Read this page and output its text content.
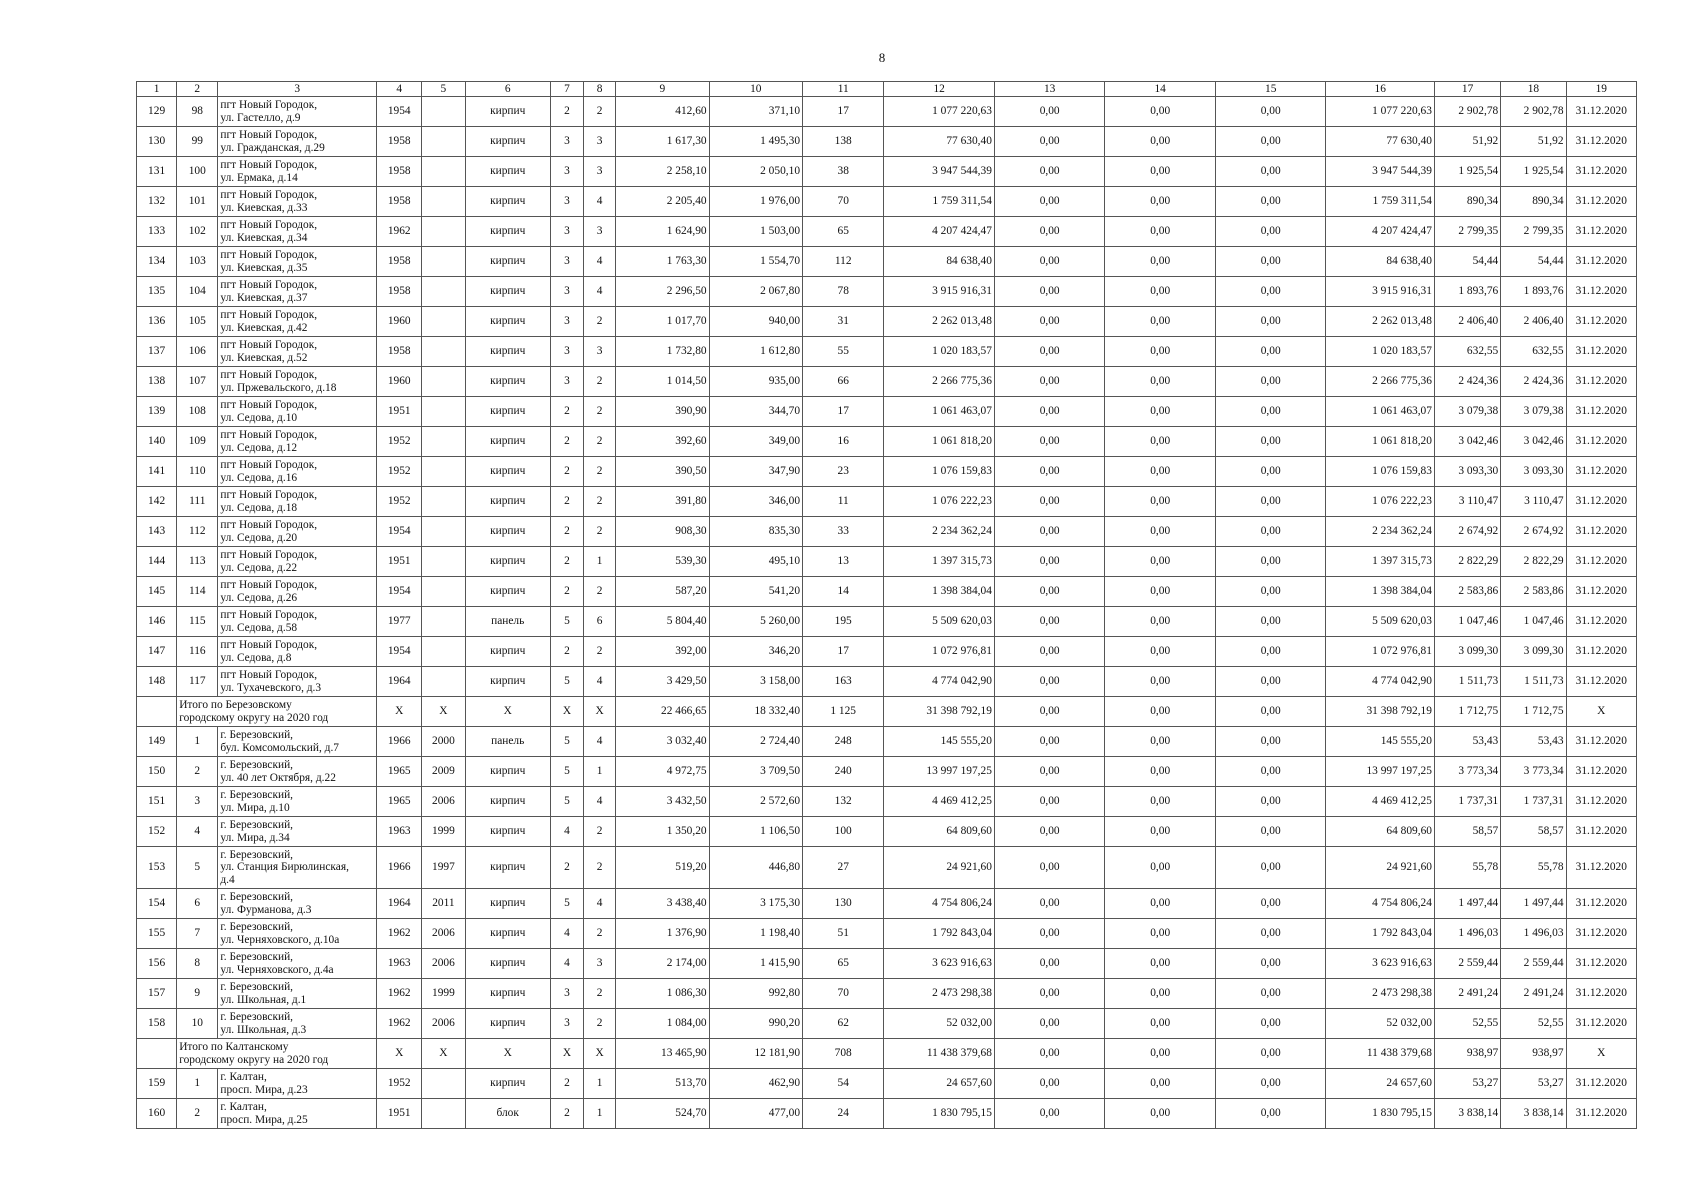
8
1	2	3	4	5	6	7	8	9	10	11	12	13	14	15	16	17	18	19
129	98	пгт Новый Городок,
ул. Гастелло, д.9	1954		кирпич	2	2	412,60	371,10	17	1 077 220,63	0,00	0,00	0,00	1 077 220,63	2 902,78	2 902,78	31.12.2020
130	99	пгт Новый Городок,
ул. Гражданская, д.29	1958		кирпич	3	3	1 617,30	1 495,30	138	77 630,40	0,00	0,00	0,00	77 630,40	51,92	51,92	31.12.2020
131	100	пгт Новый Городок,
ул. Ермака, д.14	1958		кирпич	3	3	2 258,10	2 050,10	38	3 947 544,39	0,00	0,00	0,00	3 947 544,39	1 925,54	1 925,54	31.12.2020
132	101	пгт Новый Городок,
ул. Киевская, д.33	1958		кирпич	3	4	2 205,40	1 976,00	70	1 759 311,54	0,00	0,00	0,00	1 759 311,54	890,34	890,34	31.12.2020
133	102	пгт Новый Городок,
ул. Киевская, д.34	1962		кирпич	3	3	1 624,90	1 503,00	65	4 207 424,47	0,00	0,00	0,00	4 207 424,47	2 799,35	2 799,35	31.12.2020
134	103	пгт Новый Городок,
ул. Киевская, д.35	1958		кирпич	3	4	1 763,30	1 554,70	112	84 638,40	0,00	0,00	0,00	84 638,40	54,44	54,44	31.12.2020
135	104	пгт Новый Городок,
ул. Киевская, д.37	1958		кирпич	3	4	2 296,50	2 067,80	78	3 915 916,31	0,00	0,00	0,00	3 915 916,31	1 893,76	1 893,76	31.12.2020
136	105	пгт Новый Городок,
ул. Киевская, д.42	1960		кирпич	3	2	1 017,70	940,00	31	2 262 013,48	0,00	0,00	0,00	2 262 013,48	2 406,40	2 406,40	31.12.2020
137	106	пгт Новый Городок,
ул. Киевская, д.52	1958		кирпич	3	3	1 732,80	1 612,80	55	1 020 183,57	0,00	0,00	0,00	1 020 183,57	632,55	632,55	31.12.2020
138	107	пгт Новый Городок,
ул. Пржевальского, д.18	1960		кирпич	3	2	1 014,50	935,00	66	2 266 775,36	0,00	0,00	0,00	2 266 775,36	2 424,36	2 424,36	31.12.2020
139	108	пгт Новый Городок,
ул. Седова, д.10	1951		кирпич	2	2	390,90	344,70	17	1 061 463,07	0,00	0,00	0,00	1 061 463,07	3 079,38	3 079,38	31.12.2020
140	109	пгт Новый Городок,
ул. Седова, д.12	1952		кирпич	2	2	392,60	349,00	16	1 061 818,20	0,00	0,00	0,00	1 061 818,20	3 042,46	3 042,46	31.12.2020
141	110	пгт Новый Городок,
ул. Седова, д.16	1952		кирпич	2	2	390,50	347,90	23	1 076 159,83	0,00	0,00	0,00	1 076 159,83	3 093,30	3 093,30	31.12.2020
142	111	пгт Новый Городок,
ул. Седова, д.18	1952		кирпич	2	2	391,80	346,00	11	1 076 222,23	0,00	0,00	0,00	1 076 222,23	3 110,47	3 110,47	31.12.2020
143	112	пгт Новый Городок,
ул. Седова, д.20	1954		кирпич	2	2	908,30	835,30	33	2 234 362,24	0,00	0,00	0,00	2 234 362,24	2 674,92	2 674,92	31.12.2020
144	113	пгт Новый Городок,
ул. Седова, д.22	1951		кирпич	2	1	539,30	495,10	13	1 397 315,73	0,00	0,00	0,00	1 397 315,73	2 822,29	2 822,29	31.12.2020
145	114	пгт Новый Городок,
ул. Седова, д.26	1954		кирпич	2	2	587,20	541,20	14	1 398 384,04	0,00	0,00	0,00	1 398 384,04	2 583,86	2 583,86	31.12.2020
146	115	пгт Новый Городок,
ул. Седова, д.58	1977		панель	5	6	5 804,40	5 260,00	195	5 509 620,03	0,00	0,00	0,00	5 509 620,03	1 047,46	1 047,46	31.12.2020
147	116	пгт Новый Городок,
ул. Седова, д.8	1954		кирпич	2	2	392,00	346,20	17	1 072 976,81	0,00	0,00	0,00	1 072 976,81	3 099,30	3 099,30	31.12.2020
148	117	пгт Новый Городок,
ул. Тухачевского, д.3	1964		кирпич	5	4	3 429,50	3 158,00	163	4 774 042,90	0,00	0,00	0,00	4 774 042,90	1 511,73	1 511,73	31.12.2020
	Итого по Березовскому
городскому округу на 2020 год		X	X	X	X	X	22 466,65	18 332,40	1 125	31 398 792,19	0,00	0,00	0,00	31 398 792,19	1 712,75	1 712,75	X
149	1	г. Березовский,
бул. Комсомольский, д.7	1966	2000	панель	5	4	3 032,40	2 724,40	248	145 555,20	0,00	0,00	0,00	145 555,20	53,43	53,43	31.12.2020
150	2	г. Березовский,
ул. 40 лет Октября, д.22	1965	2009	кирпич	5	1	4 972,75	3 709,50	240	13 997 197,25	0,00	0,00	0,00	13 997 197,25	3 773,34	3 773,34	31.12.2020
151	3	г. Березовский,
ул. Мира, д.10	1965	2006	кирпич	5	4	3 432,50	2 572,60	132	4 469 412,25	0,00	0,00	0,00	4 469 412,25	1 737,31	1 737,31	31.12.2020
152	4	г. Березовский,
ул. Мира, д.34	1963	1999	кирпич	4	2	1 350,20	1 106,50	100	64 809,60	0,00	0,00	0,00	64 809,60	58,57	58,57	31.12.2020
153	5	г. Березовский,
ул. Станция Бирюлинская,
д.4	1966	1997	кирпич	2	2	519,20	446,80	27	24 921,60	0,00	0,00	0,00	24 921,60	55,78	55,78	31.12.2020
154	6	г. Березовский,
ул. Фурманова, д.3	1964	2011	кирпич	5	4	3 438,40	3 175,30	130	4 754 806,24	0,00	0,00	0,00	4 754 806,24	1 497,44	1 497,44	31.12.2020
155	7	г. Березовский,
ул. Черняховского, д.10а	1962	2006	кирпич	4	2	1 376,90	1 198,40	51	1 792 843,04	0,00	0,00	0,00	1 792 843,04	1 496,03	1 496,03	31.12.2020
156	8	г. Березовский,
ул. Черняховского, д.4а	1963	2006	кирпич	4	3	2 174,00	1 415,90	65	3 623 916,63	0,00	0,00	0,00	3 623 916,63	2 559,44	2 559,44	31.12.2020
157	9	г. Березовский,
ул. Школьная, д.1	1962	1999	кирпич	3	2	1 086,30	992,80	70	2 473 298,38	0,00	0,00	0,00	2 473 298,38	2 491,24	2 491,24	31.12.2020
158	10	г. Березовский,
ул. Школьная, д.3	1962	2006	кирпич	3	2	1 084,00	990,20	62	52 032,00	0,00	0,00	0,00	52 032,00	52,55	52,55	31.12.2020
	Итого по Калтанскому
городскому округу на 2020 год		X	X	X	X	X	13 465,90	12 181,90	708	11 438 379,68	0,00	0,00	0,00	11 438 379,68	938,97	938,97	X
159	1	г. Калтан,
просп. Мира, д.23	1952		кирпич	2	1	513,70	462,90	54	24 657,60	0,00	0,00	0,00	24 657,60	53,27	53,27	31.12.2020
160	2	г. Калтан,
просп. Мира, д.25	1951		блок	2	1	524,70	477,00	24	1 830 795,15	0,00	0,00	0,00	1 830 795,15	3 838,14	3 838,14	31.12.2020
